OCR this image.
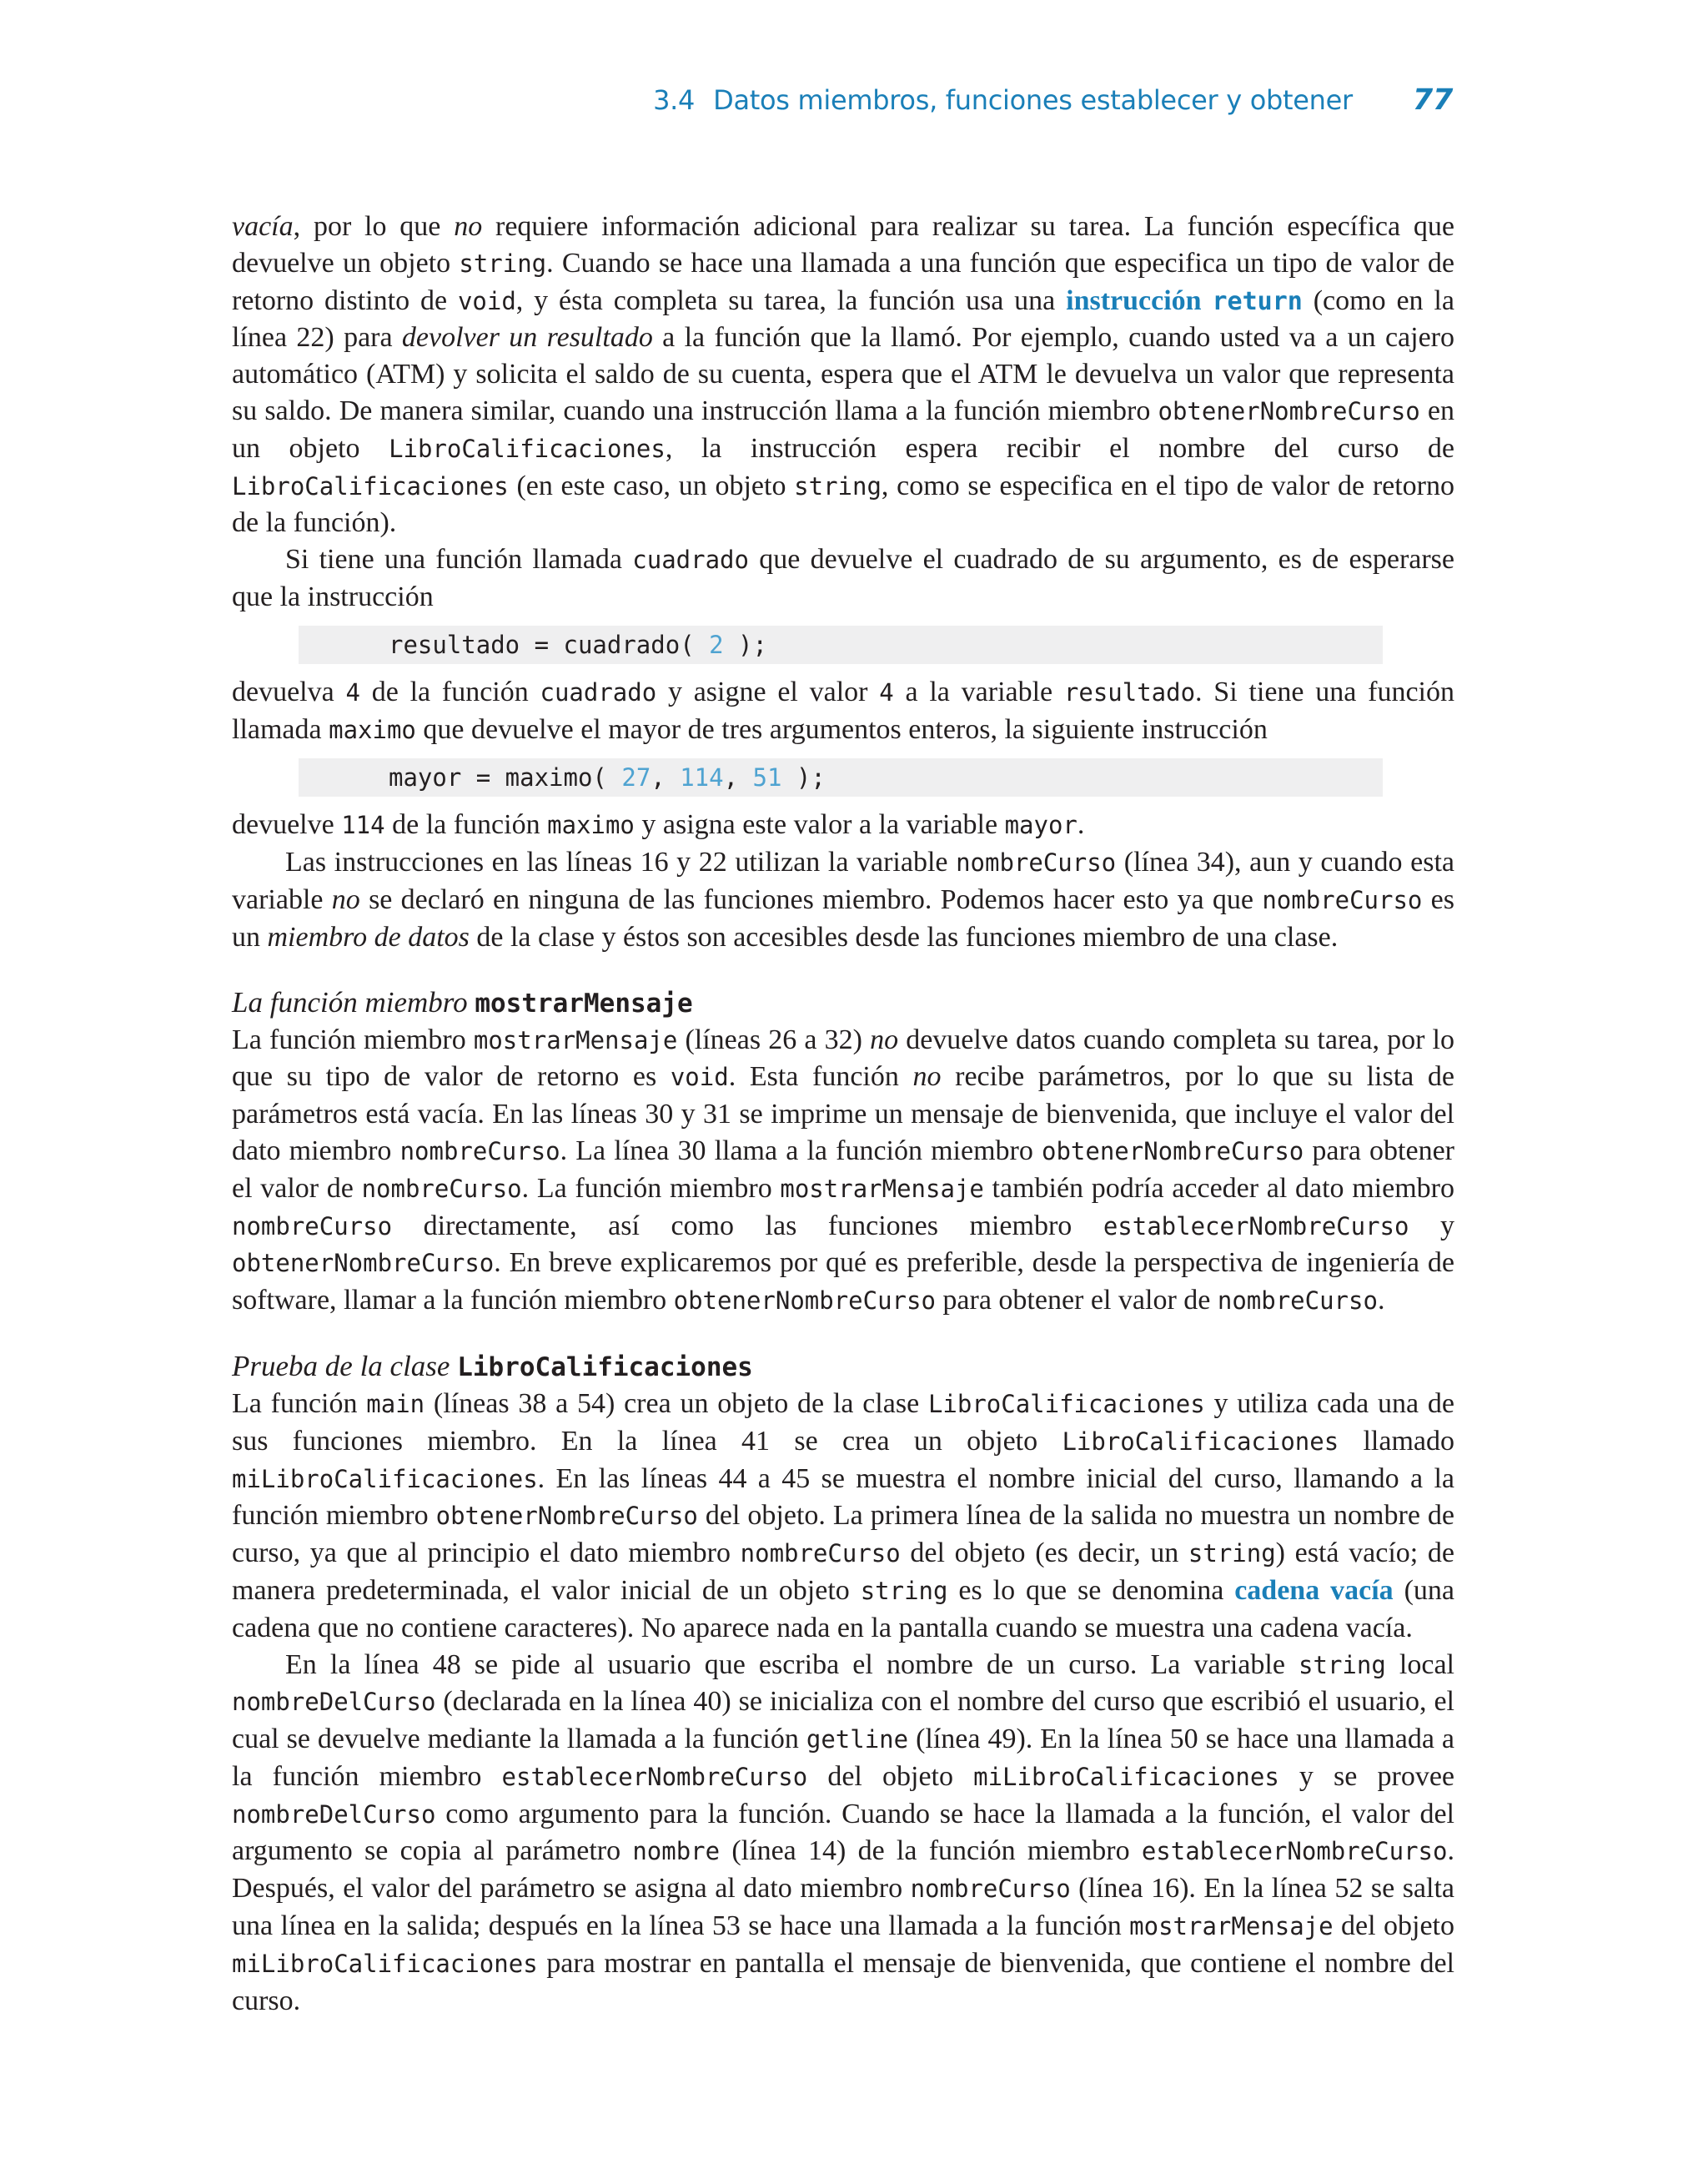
3.4 Datos miembros, funciones establecer y obtener 77

vacía, por lo que no requiere información adicional para realizar su tarea. La función específica que devuelve un objeto string. Cuando se hace una llamada a una función que especifica un tipo de valor de retorno distinto de void, y ésta completa su tarea, la función usa una instrucción return (como en la línea 22) para devolver un resultado a la función que la llamó. Por ejemplo, cuando usted va a un cajero automático (ATM) y solicita el saldo de su cuenta, espera que el ATM le devuelva un valor que representa su saldo. De manera similar, cuando una instrucción llama a la función miembro obtenerNombreCurso en un objeto LibroCalificaciones, la instrucción espera recibir el nombre del curso de LibroCalificaciones (en este caso, un objeto string, como se especifica en el tipo de valor de retorno de la función).

Si tiene una función llamada cuadrado que devuelve el cuadrado de su argumento, es de esperarse que la instrucción

resultado = cuadrado( 2 );

devuelva 4 de la función cuadrado y asigne el valor 4 a la variable resultado. Si tiene una función llamada maximo que devuelve el mayor de tres argumentos enteros, la siguiente instrucción

mayor = maximo( 27, 114, 51 );

devuelve 114 de la función maximo y asigna este valor a la variable mayor.

Las instrucciones en las líneas 16 y 22 utilizan la variable nombreCurso (línea 34), aun y cuando esta variable no se declaró en ninguna de las funciones miembro. Podemos hacer esto ya que nombreCurso es un miembro de datos de la clase y éstos son accesibles desde las funciones miembro de una clase.

La función miembro mostrarMensaje

La función miembro mostrarMensaje (líneas 26 a 32) no devuelve datos cuando completa su tarea, por lo que su tipo de valor de retorno es void. Esta función no recibe parámetros, por lo que su lista de parámetros está vacía. En las líneas 30 y 31 se imprime un mensaje de bienvenida, que incluye el valor del dato miembro nombreCurso. La línea 30 llama a la función miembro obtenerNombreCurso para obtener el valor de nombreCurso. La función miembro mostrarMensaje también podría acceder al dato miembro nombreCurso directamente, así como las funciones miembro establecerNombreCurso y obtenerNombreCurso. En breve explicaremos por qué es preferible, desde la perspectiva de ingeniería de software, llamar a la función miembro obtenerNombreCurso para obtener el valor de nombreCurso.

Prueba de la clase LibroCalificaciones

La función main (líneas 38 a 54) crea un objeto de la clase LibroCalificaciones y utiliza cada una de sus funciones miembro. En la línea 41 se crea un objeto LibroCalificaciones llamado miLibroCalificaciones. En las líneas 44 a 45 se muestra el nombre inicial del curso, llamando a la función miembro obtenerNombreCurso del objeto. La primera línea de la salida no muestra un nombre de curso, ya que al principio el dato miembro nombreCurso del objeto (es decir, un string) está vacío; de manera predeterminada, el valor inicial de un objeto string es lo que se denomina cadena vacía (una cadena que no contiene caracteres). No aparece nada en la pantalla cuando se muestra una cadena vacía.

En la línea 48 se pide al usuario que escriba el nombre de un curso. La variable string local nombreDelCurso (declarada en la línea 40) se inicializa con el nombre del curso que escribió el usuario, el cual se devuelve mediante la llamada a la función getline (línea 49). En la línea 50 se hace una llamada a la función miembro establecerNombreCurso del objeto miLibroCalificaciones y se provee nombreDelCurso como argumento para la función. Cuando se hace la llamada a la función, el valor del argumento se copia al parámetro nombre (línea 14) de la función miembro establecerNombreCurso. Después, el valor del parámetro se asigna al dato miembro nombreCurso (línea 16). En la línea 52 se salta una línea en la salida; después en la línea 53 se hace una llamada a la función mostrarMensaje del objeto miLibroCalificaciones para mostrar en pantalla el mensaje de bienvenida, que contiene el nombre del curso.
